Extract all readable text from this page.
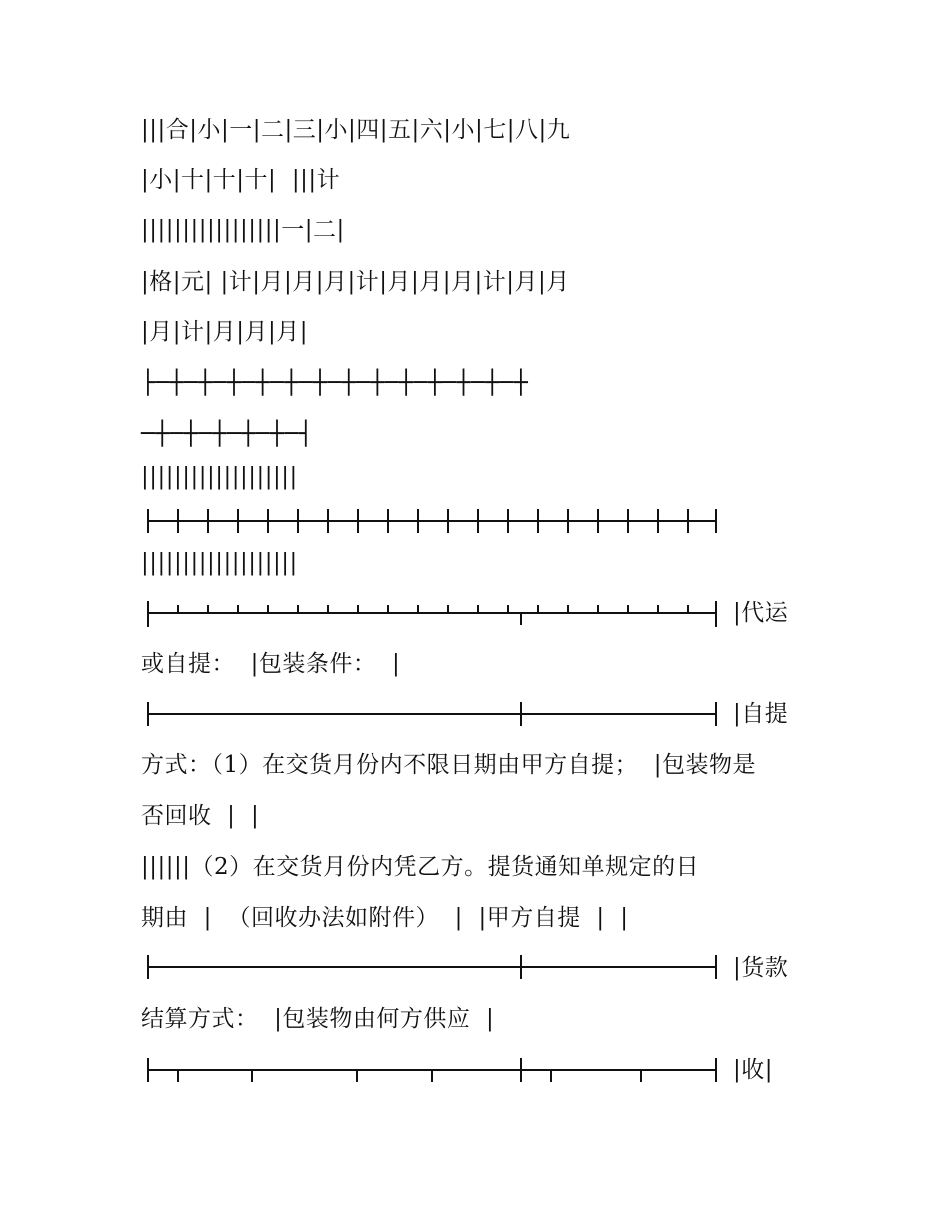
|||合|小|一|二|三|小|四|五|六|小|七|八|九
|小|十|十|十|  |||计
|||||||||||||||||一|二|
|格|元| |计|月|月|月|计|月|月|月|计|月|月
|月|计|月|月|月|
├─┼─┼─┼─┼─┼─┼─┼─┼─┼─┼─┼─┼─┼
─┼─┼─┼─┼─┼─┤
|||||||||||||||||||
|||||||||||||||||||
|代运
或自提：  |包装条件：  |
|自提
方式：（1）在交货月份内不限日期由甲方自提；  |包装物是
否回收  |  |
||||||（2）在交货月份内凭乙方。提货通知单规定的日
期由  |  （回收办法如附件）  |  |甲方自提  |  |
|货款
结算方式：  |包装物由何方供应  |
|收|
